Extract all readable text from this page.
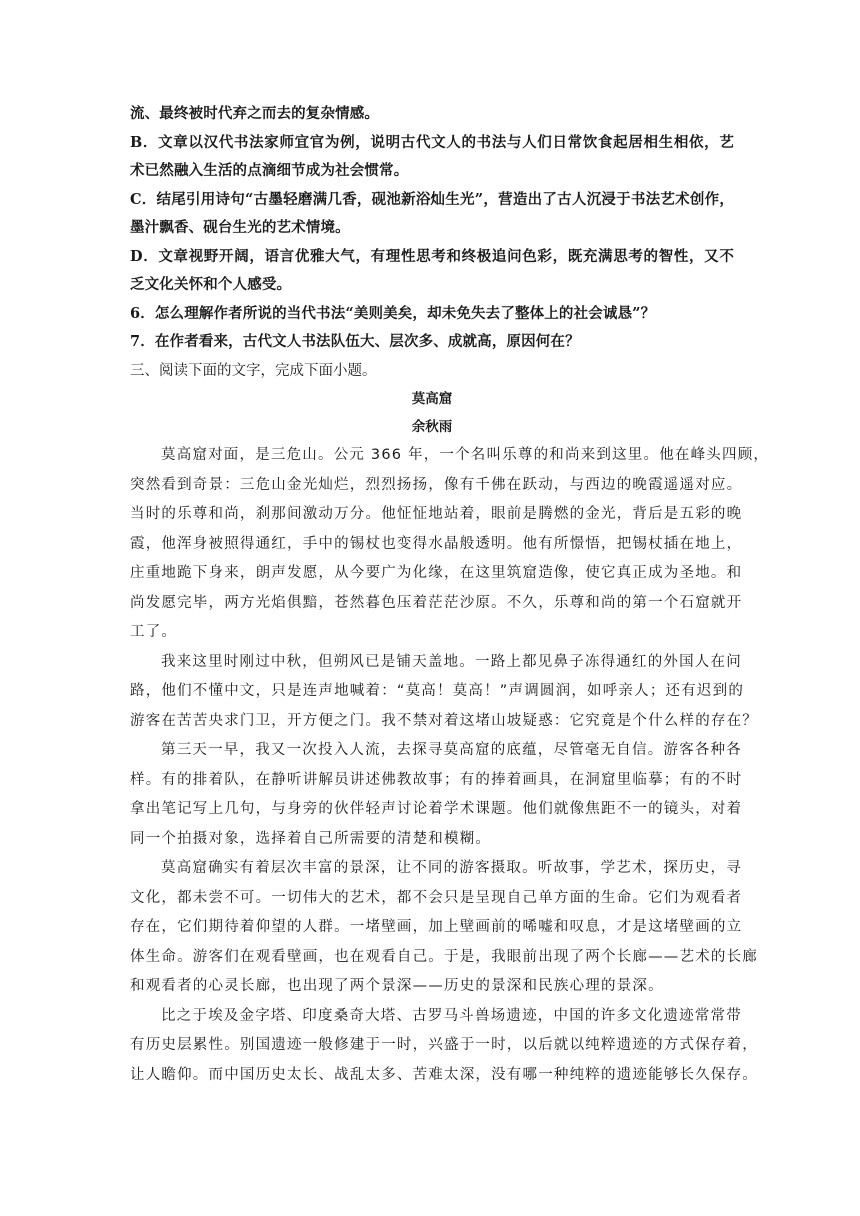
流、最终被时代弃之而去的复杂情感。

B．文章以汉代书法家师宜官为例，说明古代文人的书法与人们日常饮食起居相生相依，艺

术已然融入生活的点滴细节成为社会惯常。

C．结尾引用诗句“古墨轻磨满几香，砚池新浴灿生光”，营造出了古人沉浸于书法艺术创作，

墨汁飘香、砚台生光的艺术情境。

D．文章视野开阔，语言优雅大气，有理性思考和终极追问色彩，既充满思考的智性，又不

乏文化关怀和个人感受。

6．怎么理解作者所说的当代书法“美则美矣，却未免失去了整体上的社会诚恳”？

7．在作者看来，古代文人书法队伍大、层次多、成就高，原因何在？

三、阅读下面的文字，完成下面小题。

莫高窟

余秋雨

莫高窟对面，是三危山。公元 366 年，一个名叫乐尊的和尚来到这里。他在峰头四顾，

突然看到奇景：三危山金光灿烂，烈烈扬扬，像有千佛在跃动，与西边的晚霞遥遥对应。

当时的乐尊和尚，刹那间激动万分。他怔怔地站着，眼前是腾燃的金光，背后是五彩的晚

霞，他浑身被照得通红，手中的锡杖也变得水晶般透明。他有所憬悟，把锡杖插在地上，

庄重地跪下身来，朗声发愿，从今要广为化缘，在这里筑窟造像，使它真正成为圣地。和

尚发愿完毕，两方光焰俱黯，苍然暮色压着茫茫沙原。不久，乐尊和尚的第一个石窟就开

工了。

我来这里时刚过中秋，但朔风已是铺天盖地。一路上都见鼻子冻得通红的外国人在问

路，他们不懂中文，只是连声地喊着：“莫高！莫高！”声调圆润，如呼亲人；还有迟到的

游客在苦苦央求门卫，开方便之门。我不禁对着这堵山坡疑惑：它究竟是个什么样的存在？

第三天一早，我又一次投入人流，去探寻莫高窟的底蕴，尽管毫无自信。游客各种各

样。有的排着队，在静听讲解员讲述佛教故事；有的捧着画具，在洞窟里临摹；有的不时

拿出笔记写上几句，与身旁的伙伴轻声讨论着学术课题。他们就像焦距不一的镜头，对着

同一个拍摄对象，选择着自己所需要的清楚和模糊。

莫高窟确实有着层次丰富的景深，让不同的游客摄取。听故事，学艺术，探历史，寻

文化，都未尝不可。一切伟大的艺术，都不会只是呈现自己单方面的生命。它们为观看者

存在，它们期待着仰望的人群。一堵壁画，加上壁画前的唏嘘和叹息，才是这堵壁画的立

体生命。游客们在观看壁画，也在观看自己。于是，我眼前出现了两个长廊——艺术的长廊

和观看者的心灵长廊，也出现了两个景深——历史的景深和民族心理的景深。

比之于埃及金字塔、印度桑奇大塔、古罗马斗兽场遗迹，中国的许多文化遗迹常常带

有历史层累性。别国遗迹一般修建于一时，兴盛于一时，以后就以纯粹遗迹的方式保存着，

让人瞻仰。而中国历史太长、战乱太多、苦难太深，没有哪一种纯粹的遗迹能够长久保存。
